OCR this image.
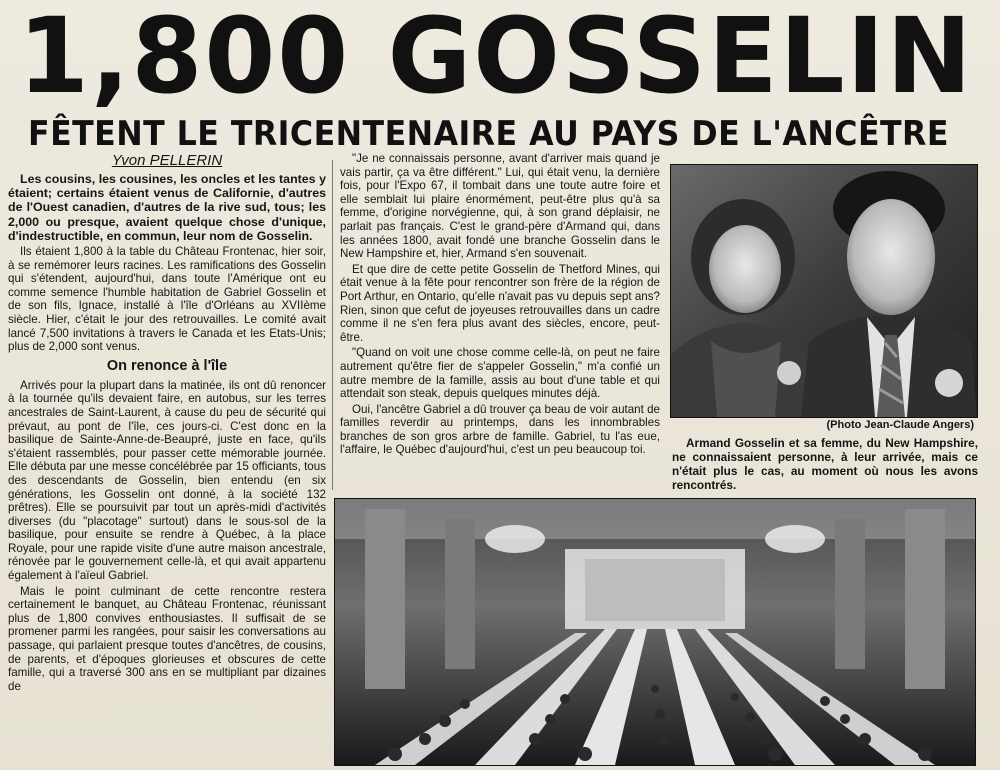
1,800 GOSSELIN
FÊTENT LE TRICENTENAIRE AU PAYS DE L'ANCÊTRE
Yvon PELLERIN

Les cousins, les cousines, les oncles et les tantes y étaient; certains étaient venus de Californie, d'autres de l'Ouest canadien, d'autres de la rive sud, tous; les 2,000 ou presque, avaient quelque chose d'unique, d'indestructible, en commun, leur nom de Gosselin.

Ils étaient 1,800 à la table du Château Frontenac, hier soir, à se remémorer leurs racines. Les ramifications des Gosselin qui s'étendent, aujourd'hui, dans toute l'Amérique ont eu comme semence l'humble habitation de Gabriel Gosselin et de son fils, Ignace, installé à l'île d'Orléans au XVIIème siècle. Hier, c'était le jour des retrouvailles. Le comité avait lancé 7,500 invitations à travers le Canada et les Etats-Unis; plus de 2,000 sont venus.

On renonce à l'île

Arrivés pour la plupart dans la matinée, ils ont dû renoncer à la tournée qu'ils devaient faire, en autobus, sur les terres ancestrales de Saint-Laurent, à cause du peu de sécurité qui prévaut, au pont de l'île, ces jours-ci. C'est donc en la basilique de Sainte-Anne-de-Beaupré, juste en face, qu'ils s'étaient rassemblés, pour passer cette mémorable journée. Elle débuta par une messe concélébrée par 15 officiants, tous des descendants de Gosselin, bien entendu (en six générations, les Gosselin ont donné, à la société 132 prêtres). Elle se poursuivit par tout un après-midi d'activités diverses (du "placotage" surtout) dans le sous-sol de la basilique, pour ensuite se rendre à Québec, à la place Royale, pour une rapide visite d'une autre maison ancestrale, rénovée par le gouvernement celle-là, et qui avait appartenu également à l'aïeul Gabriel.

Mais le point culminant de cette rencontre restera certainement le banquet, au Château Frontenac, réunissant plus de 1,800 convives enthousiastes. Il suffisait de se promener parmi les rangées, pour saisir les conversations au passage, qui parlaient presque toutes d'ancêtres, de cousins, de parents, et d'époques glorieuses et obscures de cette famille, qui a traversé 300 ans en se multipliant par dizaines de

"Je ne connaissais personne, avant d'arriver mais quand je vais partir, ça va être différent." Lui, qui était venu, la dernière fois, pour l'Expo 67, il tombait dans une toute autre foire et elle semblait lui plaire énormément, peut-être plus qu'à sa femme, d'origine norvégienne, qui, à son grand déplaisir, ne parlait pas français. C'est le grand-père d'Armand qui, dans les années 1800, avait fondé une branche Gosselin dans le New Hampshire et, hier, Armand s'en souvenait.

Et que dire de cette petite Gosselin de Thetford Mines, qui était venue à la fête pour rencontrer son frère de la région de Port Arthur, en Ontario, qu'elle n'avait pas vu depuis sept ans? Rien, sinon que cefut de joyeuses retrouvailles dans un cadre comme il ne s'en fera plus avant des siècles, encore, peut-être.

"Quand on voit une chose comme celle-là, on peut ne faire autrement qu'être fier de s'appeler Gosselin," m'a confié un autre membre de la famille, assis au bout d'une table et qui attendait son steak, depuis quelques minutes déjà.

Oui, l'ancêtre Gabriel a dû trouver ça beau de voir autant de familles reverdir au printemps, dans les innombrables branches de son gros arbre de famille. Gabriel, tu l'as eue, l'affaire, le Québec d'aujourd'hui, c'est un peu beaucoup toi.

(Photo Jean-Claude Angers)

Armand Gosselin et sa femme, du New Hampshire, ne connaissaient personne, à leur arrivée, mais ce n'était plus le cas, au moment où nous les avons rencontrés.
